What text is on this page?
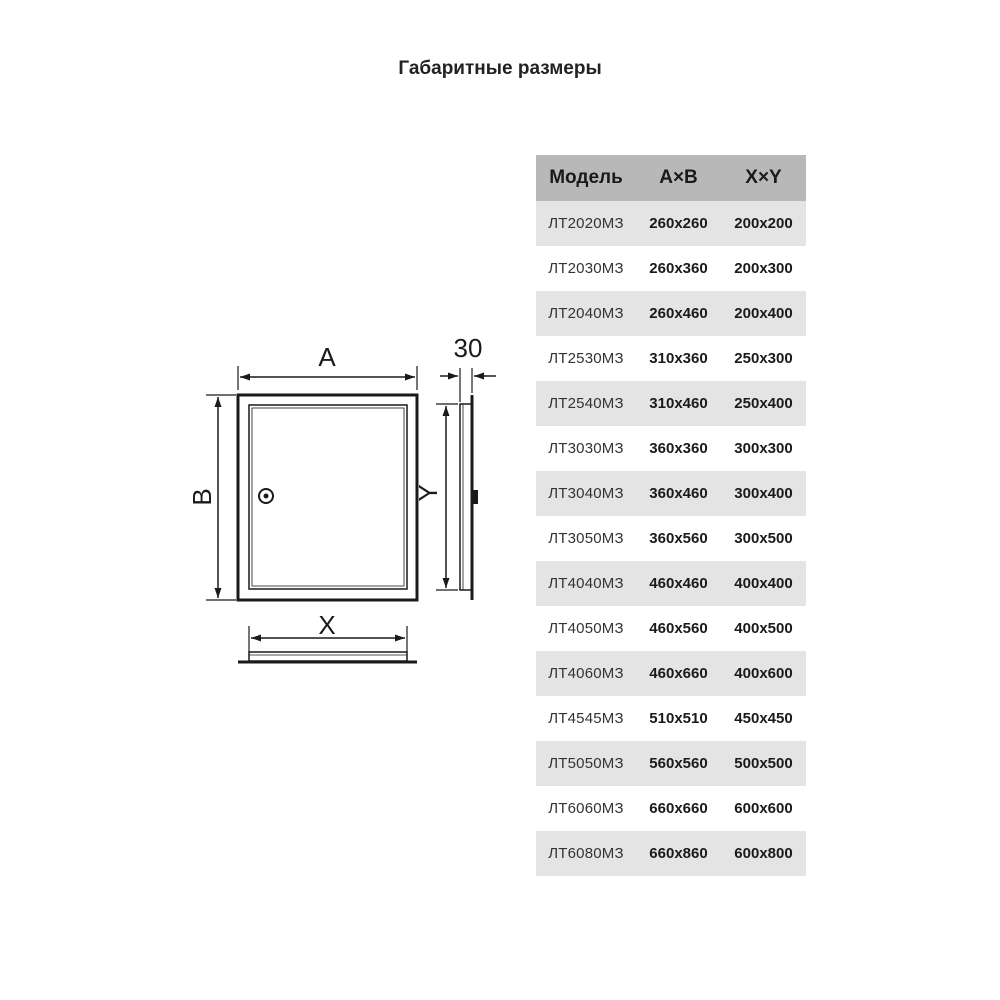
Габаритные размеры
A
B	Y
30
X
Модель	A×B	X×Y
ЛТ2020МЗ	260x260	200x200
ЛТ2030МЗ	260x360	200x300
ЛТ2040МЗ	260x460	200x400
ЛТ2530МЗ	310x360	250x300
ЛТ2540МЗ	310x460	250x400
ЛТ3030МЗ	360x360	300x300
ЛТ3040МЗ	360x460	300x400
ЛТ3050МЗ	360x560	300x500
ЛТ4040МЗ	460x460	400x400
ЛТ4050МЗ	460x560	400x500
ЛТ4060МЗ	460x660	400x600
ЛТ4545МЗ	510x510	450x450
ЛТ5050МЗ	560x560	500x500
ЛТ6060МЗ	660x660	600x600
ЛТ6080МЗ	660x860	600x800
